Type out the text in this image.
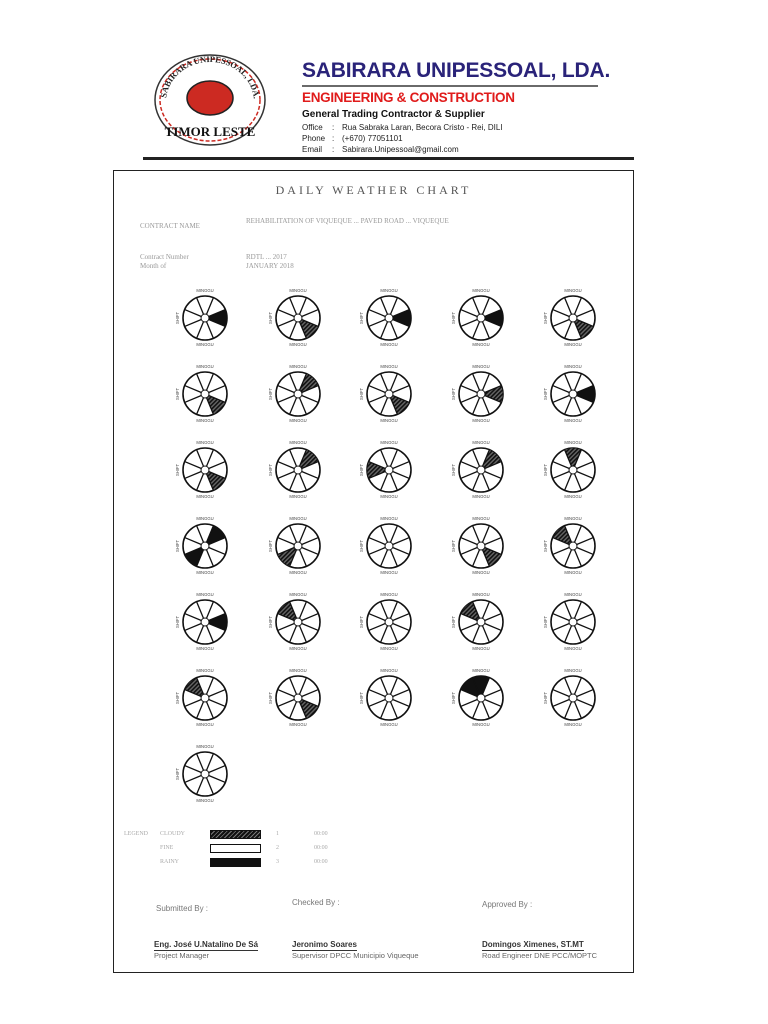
SABIRARA UNIPESSOAL, LDA.
TIMOR LESTE
SABIRARA UNIPESSOAL, LDA.
ENGINEERING & CONSTRUCTION
General Trading Contractor & Supplier
Office : Rua Sabraka Laran, Becora Cristo - Rei, DILI
Phone : (+670) 77051101
Email : Sabirara.Unipessoal@gmail.com
DAILY WEATHER CHART
CONTRACT NAME
REHABILITATION OF VIQUEQUE ... PAVED ROAD ... VIQUEQUE
Contract Number	RDTL ... 2017
Month of	JANUARY 2018
MINGGU
MINGGU
SHIFT
MINGGU
MINGGU
SHIFT
MINGGU
MINGGU
SHIFT
MINGGU
MINGGU
SHIFT
MINGGU
MINGGU
SHIFT
MINGGU
MINGGU
SHIFT
MINGGU
MINGGU
SHIFT
MINGGU
MINGGU
SHIFT
MINGGU
MINGGU
SHIFT
MINGGU
MINGGU
SHIFT
MINGGU
MINGGU
SHIFT
MINGGU
MINGGU
SHIFT
MINGGU
MINGGU
SHIFT
MINGGU
MINGGU
SHIFT
MINGGU
MINGGU
SHIFT
MINGGU
MINGGU
SHIFT
MINGGU
MINGGU
SHIFT
MINGGU
MINGGU
SHIFT
MINGGU
MINGGU
SHIFT
MINGGU
MINGGU
SHIFT
MINGGU
MINGGU
SHIFT
MINGGU
MINGGU
SHIFT
MINGGU
MINGGU
SHIFT
MINGGU
MINGGU
SHIFT
MINGGU
MINGGU
SHIFT
MINGGU
MINGGU
SHIFT
MINGGU
MINGGU
SHIFT
MINGGU
MINGGU
SHIFT
MINGGU
MINGGU
SHIFT
MINGGU
MINGGU
SHIFT
MINGGU
MINGGU
SHIFT
LEGEND CLOUDY	1	00:00
FINE	2	00:00
RAINY	3	00:00
Submitted By :
Checked By :	Approved By :
Eng. José U.Natalino De Sá
Project Manager
Jeronimo Soares
Supervisor DPCC Municipio Viqueque
Domingos Ximenes, ST.MT
Road Engineer DNE PCC/MOPTC
